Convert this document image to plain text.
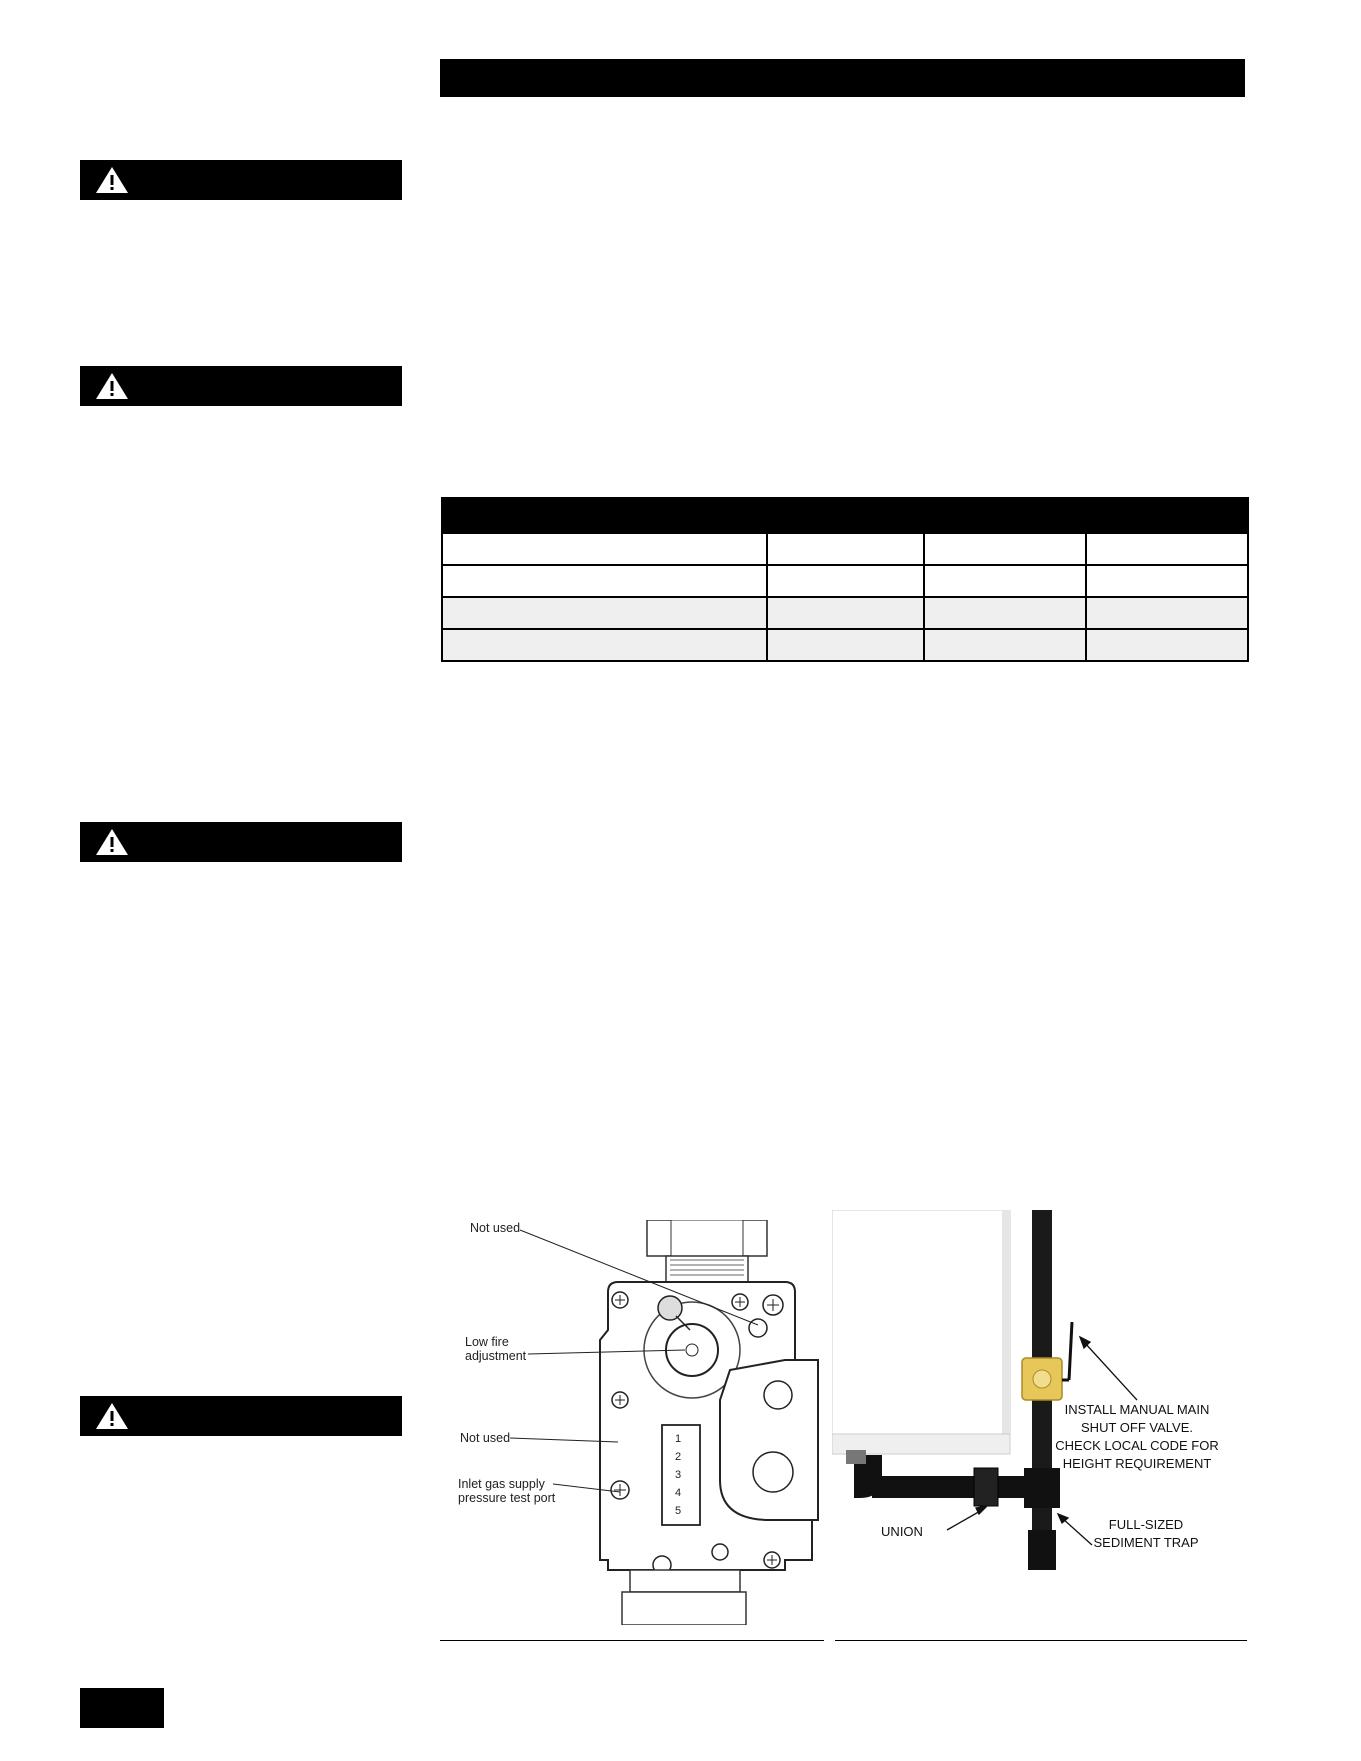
1
2
3
4
5
Not used
Low fire
adjustment
Not used
Inlet gas supply
pressure test port
INSTALL MANUAL MAIN
SHUT OFF VALVE.
CHECK LOCAL CODE FOR
HEIGHT REQUIREMENT
UNION	FULL-SIZED
SEDIMENT TRAP
